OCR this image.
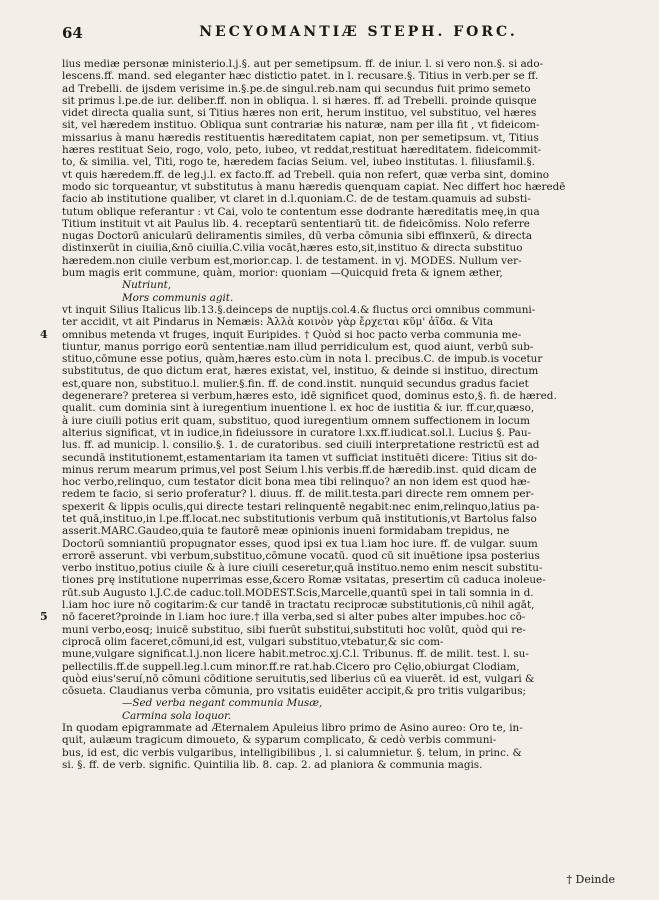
64	NECYOMANTIÆ STEPH. FORC.
lius mediæ personæ ministerio.l.j.§. aut per semetipsum. ff. de iniur. l. si vero non.§. si ado-
lescens.ff. mand. sed eleganter hæc distictio patet. in l. recusare.§. Titius in verb.per se ff.
ad Trebelli. de ijsdem verisime in.§.pe.de singul.reb.nam qui secundus fuit primo semeto
sit primus l.pe.de iur. deliber.ff. non in obliqua. l. si hæres. ff. ad Trebelli. proinde quisque
videt directa qualia sunt, si Titius hæres non erit, herum instituo, vel substituo, vel hæres
sit, vel hæredem instituo. Obliqua sunt contrariæ his naturæ, nam per illa fit , vt fideicom-
missarius à manu hæredis restituentis hæreditatem capiat, non per semetipsum. vt, Titius
hæres restituat Seio, rogo, volo, peto, iubeo, vt reddat,restituat hæreditatem. fideicommit-
to, & similia. vel, Titi, rogo te, hæredem facias Seium. vel, iubeo institutas. l. filiusfamil.§.
vt quis hæredem.ff. de leg.j.l. ex facto.ff. ad Trebell. quia non refert, quæ verba sint, domino
modo sic torqueantur, vt substitutus à manu hæredis quenquam capiat. Nec differt hoc hæredē
facio ab institutione qualiber, vt claret in d.l.quoniam.C. de de testam.quamuis ad substi-
tutum oblique referantur : vt Cai, volo te contentum esse dodrante hæreditatis meę,in qua
Titium instituit vt ait Paulus lib. 4. receptarū sententiarū tit. de fideicōmiss. Nolo referre
nugas Doctorū anicularū deliramentis similes, dū verba cōmunia sibi effinxerū, & directa
distinxerūt in ciuilia,&nō ciuilia.C.vilia vocāt,hæres esto,sit,instituo & directa substituo
hæredem.non ciuile verbum est,morior.cap. l. de testament. in vj. MODES. Nullum ver-
bum magis erit commune, quàm, morior: quoniam —Quicquid freta & ignem æther,
Nutriunt,
Mors communis agit.
vt inquit Silius Italicus lib.13.§.deinceps de nuptijs.col.4.& fluctus orci omnibus communi-
ter accidit, vt ait Pindarus in Nemæis: Ἀλλὰ κοινὸν γὰρ ἔρχεται κῦμ' ἀΐδα. & Vita
omnibus metenda vt fruges, inquit Euripides. † Quòd si hoc pacto verba communia me-
4
tiuntur, manus porrigo eorū sententiæ.nam illud perridiculum est, quod aiunt, verbū sub-
stituo,cōmune esse potius, quàm,hæres esto.cùm in nota l. precibus.C. de impub.is vocetur
substitutus, de quo dictum erat, hæres existat, vel, instituo, & deinde si instituo, directum
est,quare non, substituo.l. mulier.§.fin. ff. de cond.instit. nunquid secundus gradus faciet
degenerare? preterea si verbum,hæres esto, idē significet quod, dominus esto,§. fi. de hæred.
qualit. cum dominia sint à iuregentium inuentione l. ex hoc de iustitia & iur. ff.cur,quæso,
à iure ciuili potius erit quam, substituo, quod iuregentium omnem suffectionem in locum
alterius significat, vt in iudice,in fideiussore in curatore l.xx.ff.iudicat.sol.l. Lucius §. Pau-
lus. ff. ad municip. l. consilio.§. 1. de curatoribus. sed ciuili interpretatione restrictū est ad
secundā institutionemt,estamentariam ita tamen vt sufficiat instituēti dicere: Titius sit do-
minus rerum mearum primus,vel post Seium l.his verbis.ff.de hæredib.inst. quid dicam de
hoc verbo,relinquo, cum testator dicit bona mea tibi relinquo? an non idem est quod hæ-
redem te facio, si serio proferatur? l. diuus. ff. de milit.testa.pari directe rem omnem per-
spexerit & lippis oculis,qui directe testari relinquentē negabit:nec enim,relinquo,latius pa-
tet quā,instituo,in l.pe.ff.locat.nec substitutionis verbum quā institutionis,vt Bartolus falso
asserit.MARC.Gaudeo,quia te fautorē meæ opinionis inueni formidabam trepidus, ne
Doctorū somniantiū propugnator esses, quod ipsi ex tua l.iam hoc iure. ff. de vulgar. suum
errorē asserunt. vbi verbum,substituo,cōmune vocatū. quod cū sit inuētione ipsa posterius
verbo instituo,potius ciuile & à iure ciuili ceseretur,quā instituo.nemo enim nescit substitu-
tiones prę institutione nuperrimas esse,&cero Romæ vsitatas, presertim cū caduca inoleue-
rūt.sub Augusto l.J.C.de caduc.toll.MODEST.Scis,Marcelle,quantū spei in tali somnia in d.
l.iam hoc iure nō cogitarim:& cur tandē in tractatu reciprocæ substitutionis,cū nihil agāt,
nō faceret?proinde in l.iam hoc iure.† illa verba,sed si alter pubes alter impubes.hoc cō-
5
muni verbo,eosq; inuicē substituo, sibi fuerūt substitui,substituti hoc volūt, quòd qui re-
ciprocā olim faceret,cōmuni,id est, vulgari substituo,vtebatur,& sic com-
mune,vulgare significat.l.j.non licere habit.metroc.xj.C.l. Tribunus. ff. de milit. test. l. su-
pellectilis.ff.de suppell.leg.l.cum minor.ff.re rat.hab.Cicero pro Cęlio,obiurgat Clodiam,
quòd eius'seruí,nō cōmuni cōditione seruitutis,sed liberius cū ea viuerēt. id est, vulgari &
cōsueta. Claudianus verba cōmunia, pro vsitatis euidēter accipit,& pro tritis vulgaribus;
—Sed verba negant communia Musæ,
Carmina sola loquor.
In quodam epigrammate ad Æternalem Apuleius libro primo de Asino aureo: Oro te, in-
quit, aulæum tragicum dimoueto, & syparum complicato, & cedò verbis communi-
bus, id est, dic verbis vulgaribus, intelligibilibus , l. si calumnietur. §. telum, in princ. &
si. §. ff. de verb. signific. Quintilia lib. 8. cap. 2. ad planiora & communia magis.
† Deinde
